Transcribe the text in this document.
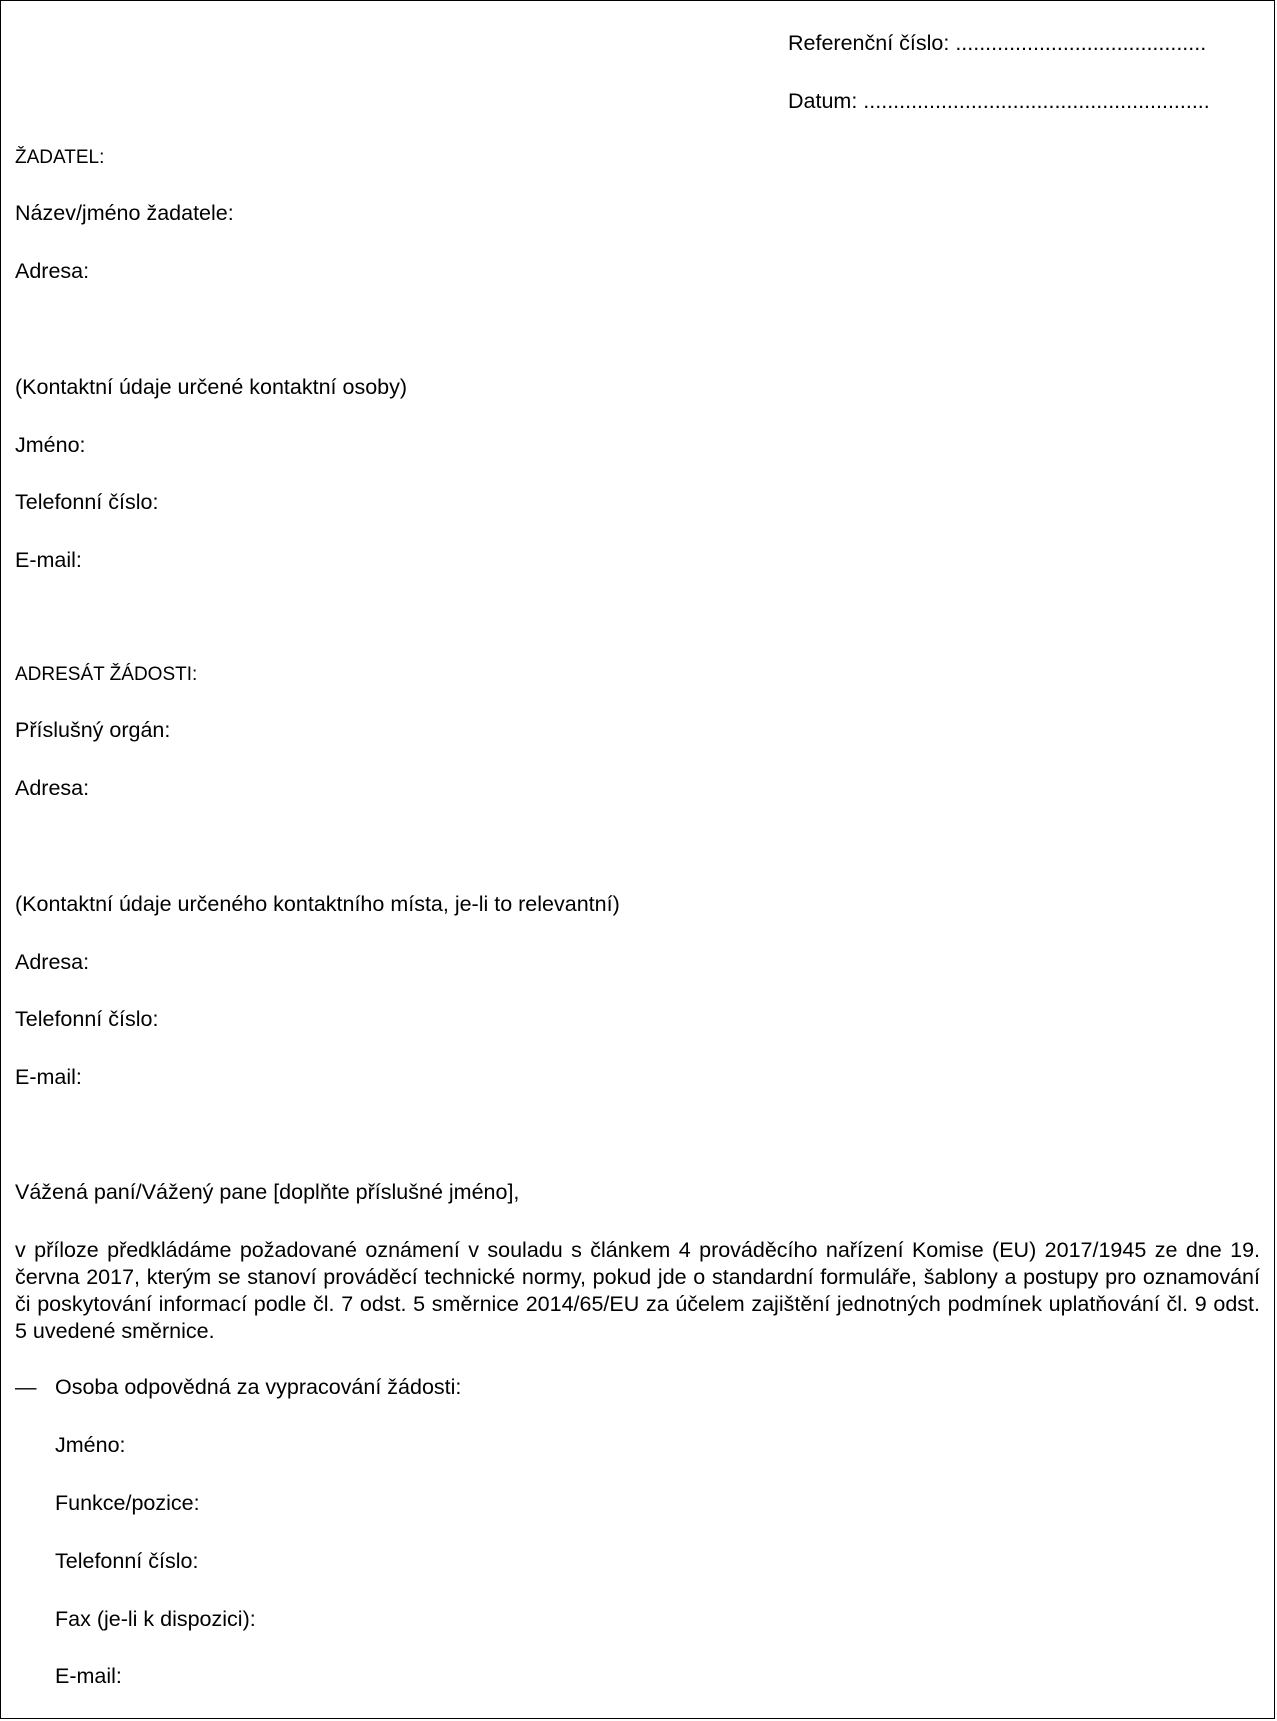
Referenční číslo: ..........................................
Datum: ..........................................................
ŽADATEL:
Název/jméno žadatele:
Adresa:
(Kontaktní údaje určené kontaktní osoby)
Jméno:
Telefonní číslo:
E-mail:
ADRESÁT ŽÁDOSTI:
Příslušný orgán:
Adresa:
(Kontaktní údaje určeného kontaktního místa, je-li to relevantní)
Adresa:
Telefonní číslo:
E-mail:
Vážená paní/Vážený pane [doplňte příslušné jméno],
v příloze předkládáme požadované oznámení v souladu s článkem 4 prováděcího nařízení Komise (EU) 2017/1945 ze dne 19. června 2017, kterým se stanoví prováděcí technické normy, pokud jde o standardní formuláře, šablony a postupy pro oznamování či poskytování informací podle čl. 7 odst. 5 směrnice 2014/65/EU za účelem zajištění jednotných podmínek uplatňování čl. 9 odst. 5 uvedené směrnice.
— Osoba odpovědná za vypracování žádosti:
Jméno:
Funkce/pozice:
Telefonní číslo:
Fax (je-li k dispozici):
E-mail:
